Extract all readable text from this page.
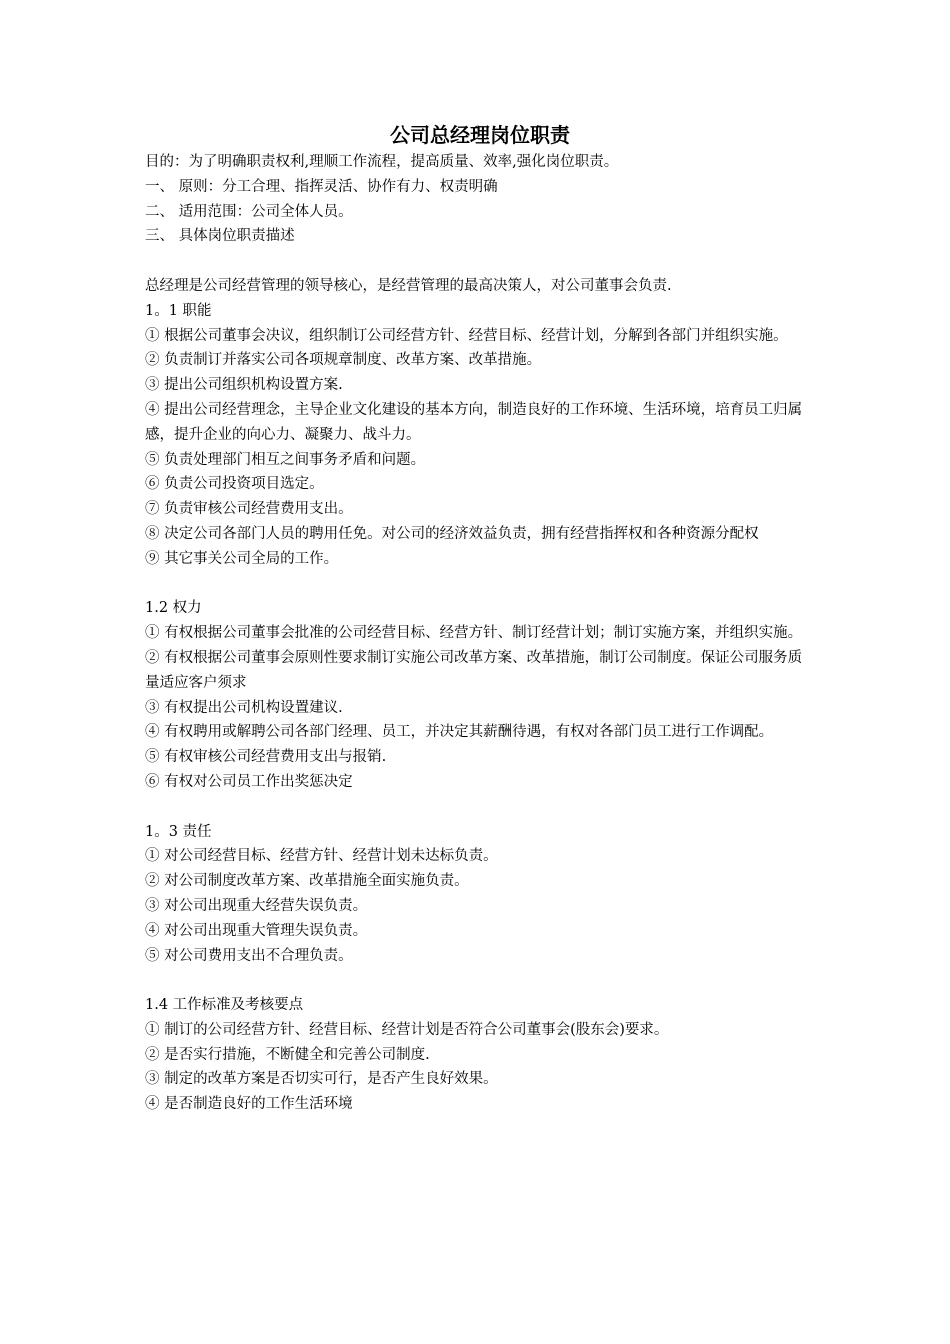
公司总经理岗位职责

目的：为了明确职责权利,理顺工作流程，提高质量、效率,强化岗位职责。

一、 原则：分工合理、指挥灵活、协作有力、权责明确

二、 适用范围：公司全体人员。

三、 具体岗位职责描述

总经理是公司经营管理的领导核心，是经营管理的最高决策人，对公司董事会负责.

1。1 职能

① 根据公司董事会决议，组织制订公司经营方针、经营目标、经营计划，分解到各部门并组织实施。

② 负责制订并落实公司各项规章制度、改革方案、改革措施。

③ 提出公司组织机构设置方案.

④ 提出公司经营理念，主导企业文化建设的基本方向，制造良好的工作环境、生活环境，培育员工归属感，提升企业的向心力、凝聚力、战斗力。

⑤ 负责处理部门相互之间事务矛盾和问题。

⑥ 负责公司投资项目选定。

⑦ 负责审核公司经营费用支出。

⑧ 决定公司各部门人员的聘用任免。对公司的经济效益负责，拥有经营指挥权和各种资源分配权

⑨ 其它事关公司全局的工作。

1.2 权力

① 有权根据公司董事会批准的公司经营目标、经营方针、制订经营计划；制订实施方案，并组织实施。

② 有权根据公司董事会原则性要求制订实施公司改革方案、改革措施，制订公司制度。保证公司服务质量适应客户须求

③ 有权提出公司机构设置建议.

④ 有权聘用或解聘公司各部门经理、员工，并决定其薪酬待遇，有权对各部门员工进行工作调配。

⑤ 有权审核公司经营费用支出与报销.

⑥ 有权对公司员工作出奖惩决定

1。3 责任

① 对公司经营目标、经营方针、经营计划未达标负责。

② 对公司制度改革方案、改革措施全面实施负责。

③ 对公司出现重大经营失误负责。

④ 对公司出现重大管理失误负责。

⑤ 对公司费用支出不合理负责。

1.4 工作标准及考核要点

① 制订的公司经营方针、经营目标、经营计划是否符合公司董事会(股东会)要求。

② 是否实行措施，不断健全和完善公司制度.

③ 制定的改革方案是否切实可行，是否产生良好效果。

④ 是否制造良好的工作生活环境
